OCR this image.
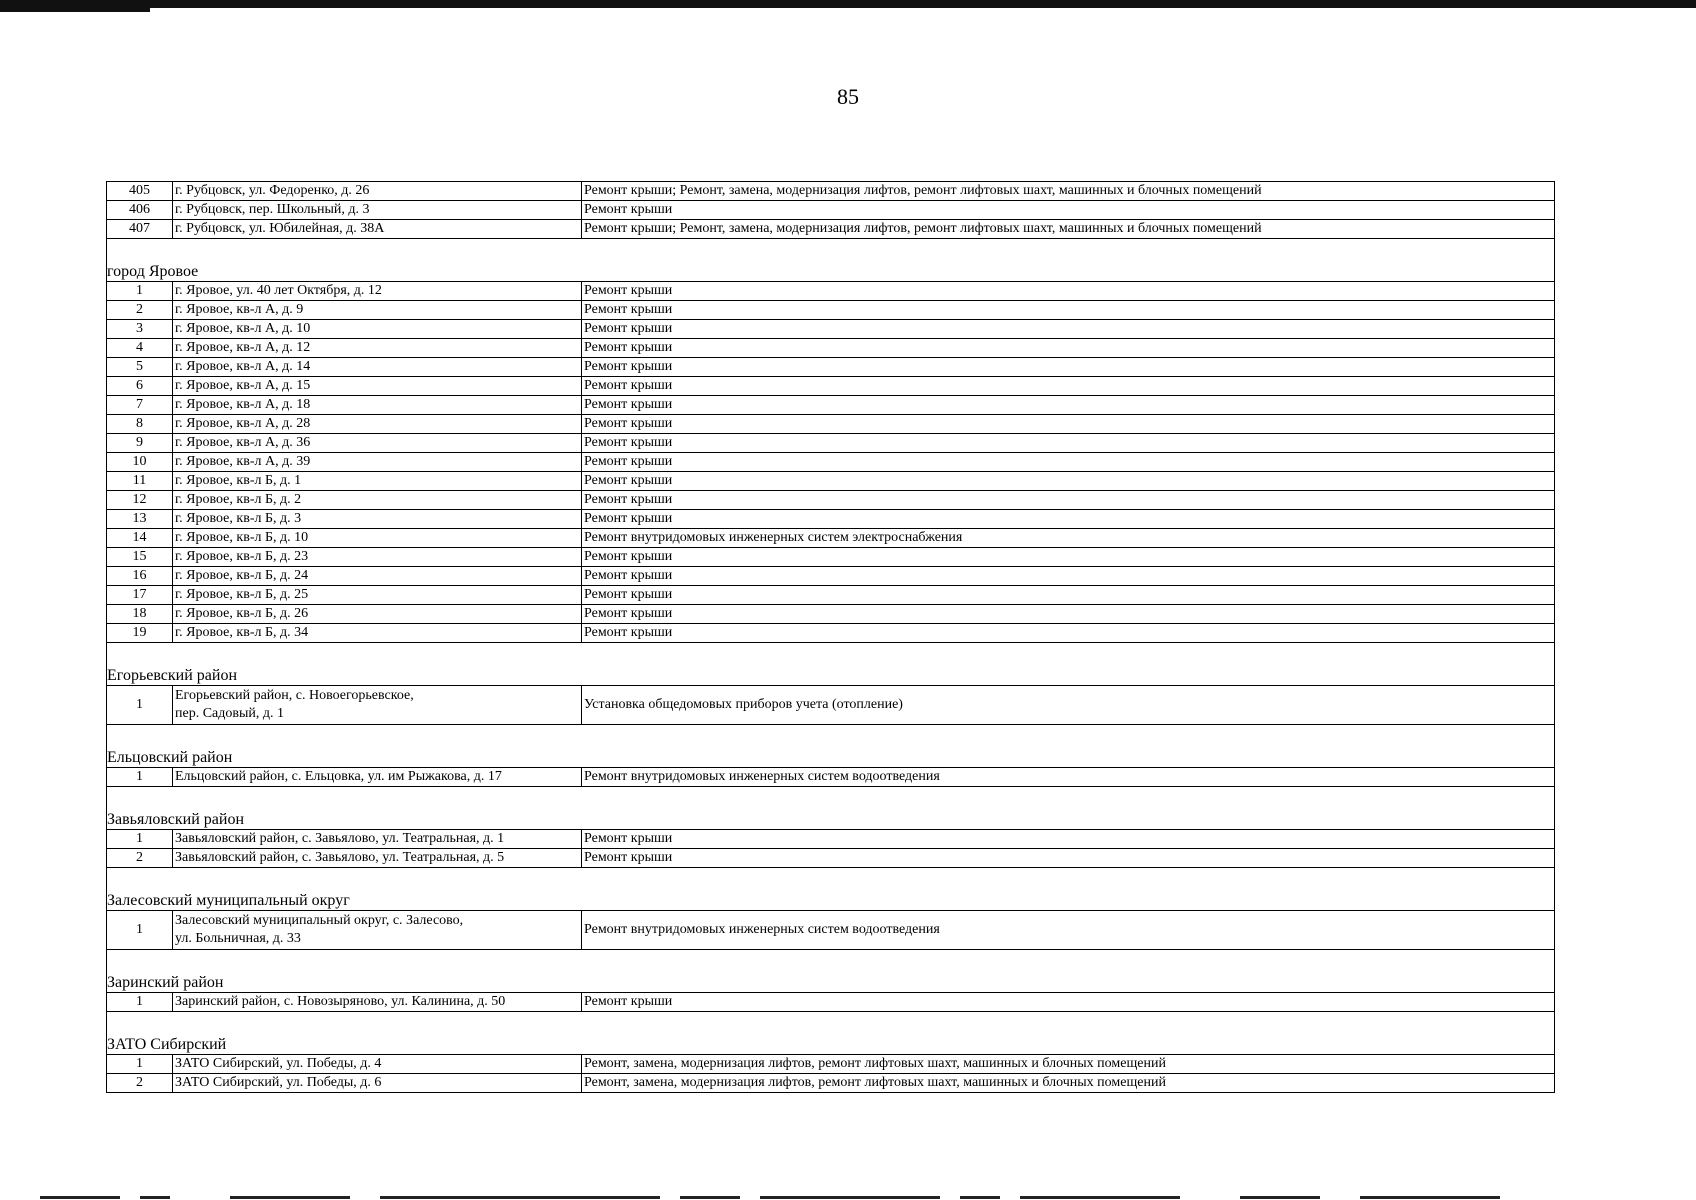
85
405	г. Рубцовск, ул. Федоренко, д. 26	Ремонт крыши; Ремонт, замена, модернизация лифтов, ремонт лифтовых шахт, машинных и блочных помещений
406	г. Рубцовск, пер. Школьный, д. 3	Ремонт крыши
407	г. Рубцовск, ул. Юбилейная, д. 38А	Ремонт крыши; Ремонт, замена, модернизация лифтов, ремонт лифтовых шахт, машинных и блочных помещений

город Яровое		
1	г. Яровое, ул. 40 лет Октября, д. 12	Ремонт крыши
2	г. Яровое, кв-л А, д. 9	Ремонт крыши
3	г. Яровое, кв-л А, д. 10	Ремонт крыши
4	г. Яровое, кв-л А, д. 12	Ремонт крыши
5	г. Яровое, кв-л А, д. 14	Ремонт крыши
6	г. Яровое, кв-л А, д. 15	Ремонт крыши
7	г. Яровое, кв-л А, д. 18	Ремонт крыши
8	г. Яровое, кв-л А, д. 28	Ремонт крыши
9	г. Яровое, кв-л А, д. 36	Ремонт крыши
10	г. Яровое, кв-л А, д. 39	Ремонт крыши
11	г. Яровое, кв-л Б, д. 1	Ремонт крыши
12	г. Яровое, кв-л Б, д. 2	Ремонт крыши
13	г. Яровое, кв-л Б, д. 3	Ремонт крыши
14	г. Яровое, кв-л Б, д. 10	Ремонт внутридомовых инженерных систем электроснабжения
15	г. Яровое, кв-л Б, д. 23	Ремонт крыши
16	г. Яровое, кв-л Б, д. 24	Ремонт крыши
17	г. Яровое, кв-л Б, д. 25	Ремонт крыши
18	г. Яровое, кв-л Б, д. 26	Ремонт крыши
19	г. Яровое, кв-л Б, д. 34	Ремонт крыши

Егорьевский район		
1	Егорьевский район, с. Новоегорьевское,
пер. Садовый, д. 1	Установка общедомовых приборов учета (отопление)

Ельцовский район		
1	Ельцовский район, с. Ельцовка, ул. им Рыжакова, д. 17	Ремонт внутридомовых инженерных систем водоотведения

Завьяловский район		
1	Завьяловский район, с. Завьялово, ул. Театральная, д. 1	Ремонт крыши
2	Завьяловский район, с. Завьялово, ул. Театральная, д. 5	Ремонт крыши

Залесовский муниципальный округ		
1	Залесовский муниципальный округ, с. Залесово,
ул. Больничная, д. 33	Ремонт внутридомовых инженерных систем водоотведения

Заринский район		
1	Заринский район, с. Новозыряново, ул. Калинина, д. 50	Ремонт крыши

ЗАТО Сибирский		
1	ЗАТО Сибирский, ул. Победы, д. 4	Ремонт, замена, модернизация лифтов, ремонт лифтовых шахт, машинных и блочных помещений
2	ЗАТО Сибирский, ул. Победы, д. 6	Ремонт, замена, модернизация лифтов, ремонт лифтовых шахт, машинных и блочных помещений
